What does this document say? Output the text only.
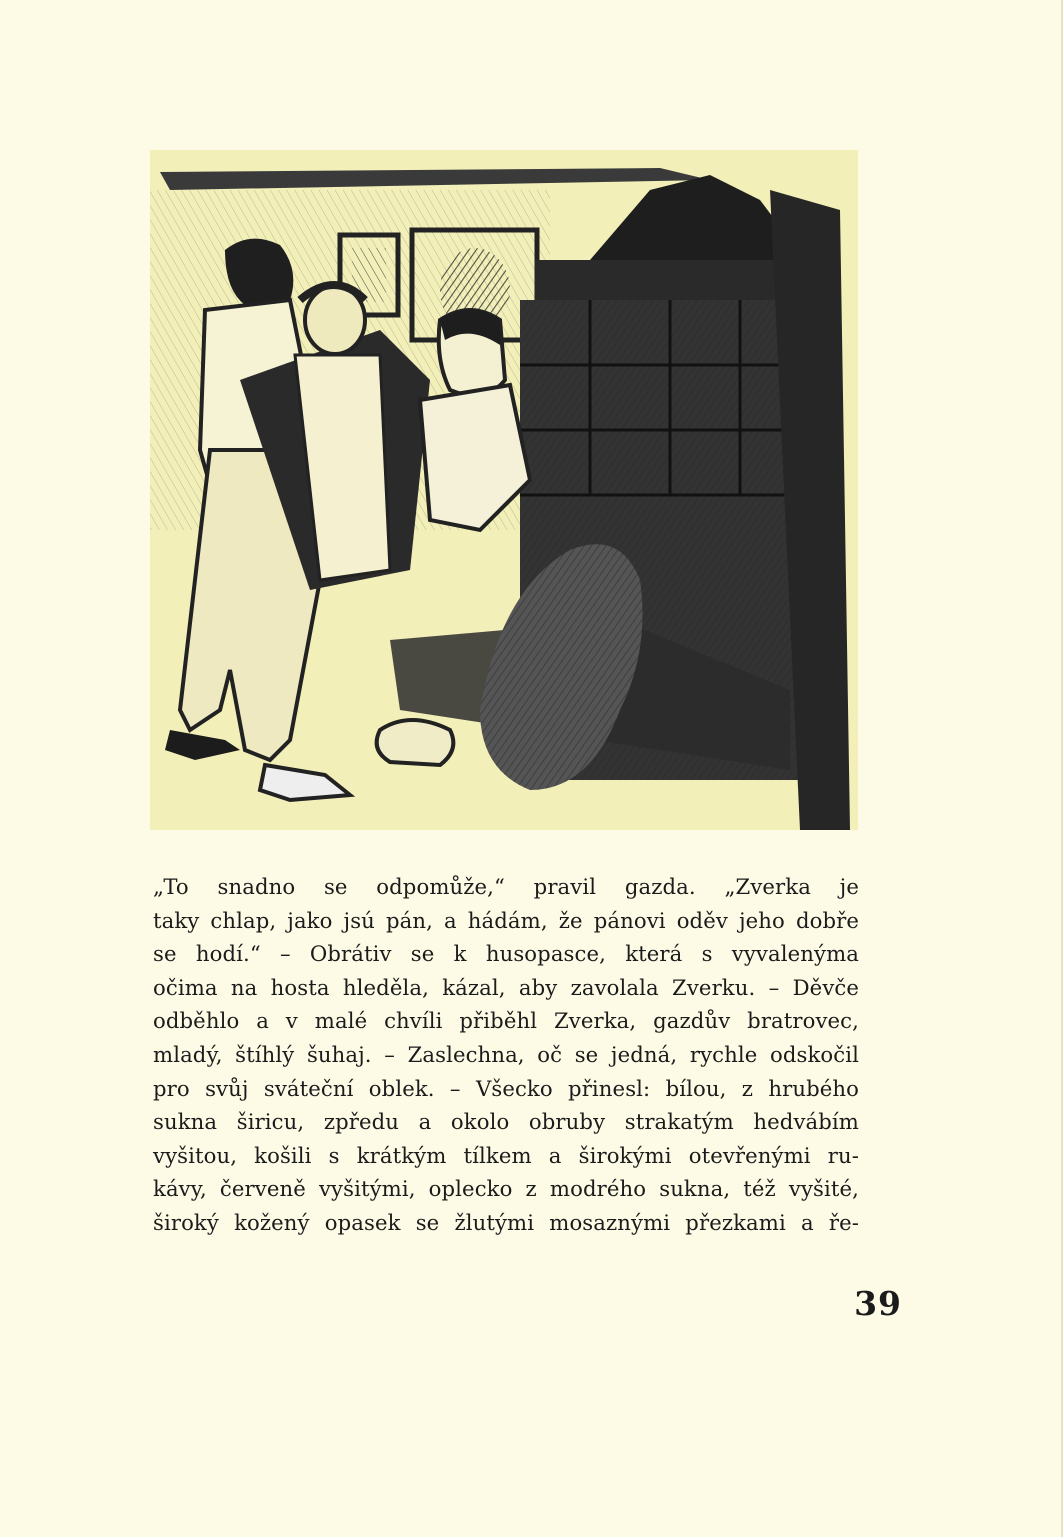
„To snadno se odpomůže,“ pravil gazda. „Zverka je
taky chlap, jako jsú pán, a hádám, že pánovi oděv jeho dobře
se hodí.“ – Obrátiv se k husopasce, která s vyvalenýma
očima na hosta hleděla, kázal, aby zavolala Zverku. – Děvče
odběhlo a v malé chvíli přiběhl Zverka, gazdův bratrovec,
mladý, štíhlý šuhaj. – Zaslechna, oč se jedná, rychle odskočil
pro svůj sváteční oblek. – Všecko přinesl: bílou, z hrubého
sukna širicu, zpředu a okolo obruby strakatým hedvábím
vyšitou, košili s krátkým tílkem a širokými otevřenými ru-
kávy, červeně vyšitými, oplecko z modrého sukna, též vyšité,
široký kožený opasek se žlutými mosaznými přezkami a ře-
39
